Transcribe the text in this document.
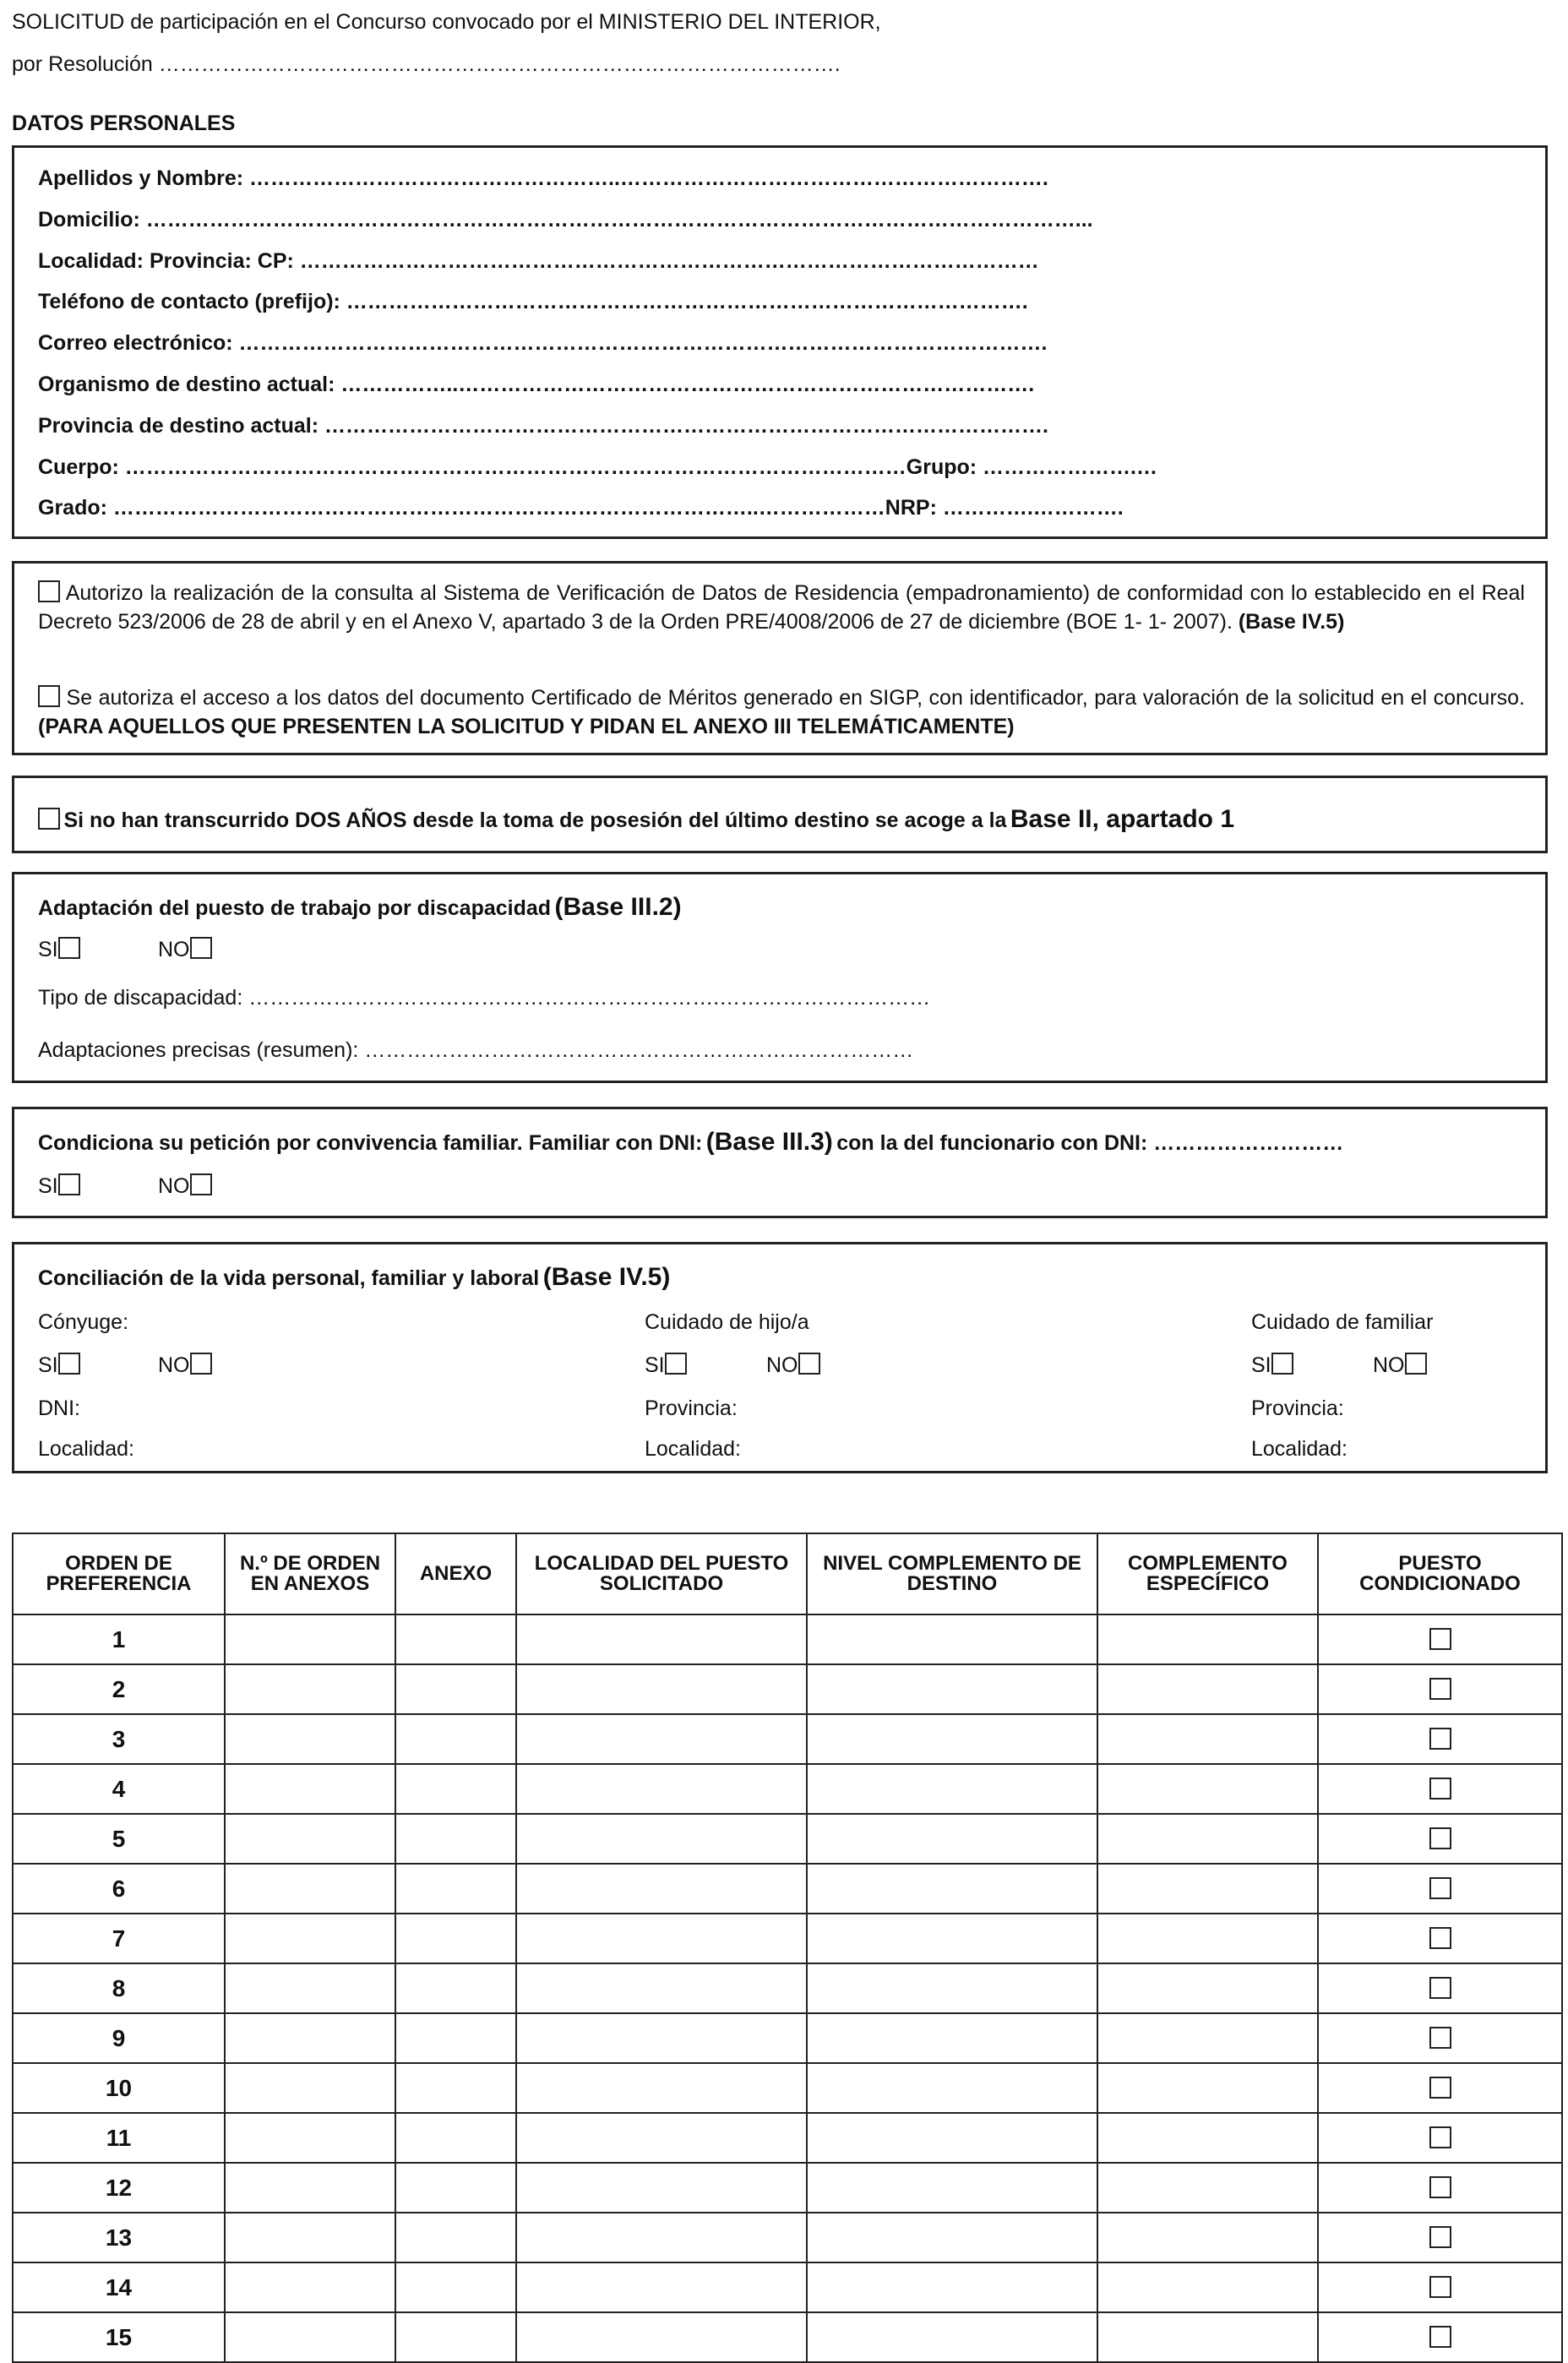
SOLICITUD de participación en el Concurso convocado por el MINISTERIO DEL INTERIOR,
por Resolución …………………………………………………………………………………….
DATOS PERSONALES
Apellidos y Nombre: ……………………………………………..…………………………………………………….
Domicilio: ……………………………………………………………………………………………………………………...
Localidad: Provincia: CP: ……………………………………………………………………………………………
Teléfono de contacto (prefijo): …………………………………………………………………………………….
Correo electrónico: …………………………………………………………………………………………………….
Organismo de destino actual: ……………..……………………………………………………………………….
Provincia de destino actual: ………………………………………………………………………………………….
Cuerpo: …………………………………………………………………………………………………Grupo: ………………….…
Grado: ………………………………………………………………………………..………………NRP: ………….………….
Autorizo la realización de la consulta al Sistema de Verificación de Datos de Residencia (empadronamiento) de conformidad con lo establecido en el Real Decreto 523/2006 de 28 de abril y en el Anexo V, apartado 3 de la Orden PRE/4008/2006 de 27 de diciembre (BOE 1- 1- 2007). (Base IV.5)
Se autoriza el acceso a los datos del documento Certificado de Méritos generado en SIGP, con identificador, para valoración de la solicitud en el concurso. (PARA AQUELLOS QUE PRESENTEN LA SOLICITUD Y PIDAN EL ANEXO III TELEMÁTICAMENTE)
Si no han transcurrido DOS AÑOS desde la toma de posesión del último destino se acoge a la Base II, apartado 1
Adaptación del puesto de trabajo por discapacidad (Base III.2)
SI	NO
Tipo de discapacidad: ………………………………………………………….…………………………
Adaptaciones precisas (resumen): ……………………………………………………………………
Condiciona su petición por convivencia familiar. Familiar con DNI: (Base III.3) con la del funcionario con DNI: ………………………
SI	NO
Conciliación de la vida personal, familiar y laboral (Base IV.5)
Cónyuge:
SI	NO
DNI:
Localidad:
Cuidado de hijo/a
SI	NO
Provincia:
Localidad:
Cuidado de familiar
SI	NO
Provincia:
Localidad:
ORDEN DE PREFERENCIA	N.º DE ORDEN EN ANEXOS	ANEXO	LOCALIDAD DEL PUESTO SOLICITADO	NIVEL COMPLEMENTO DE DESTINO	COMPLEMENTO ESPECÍFICO	PUESTO CONDICIONADO
1						
2						
3						
4						
5						
6						
7						
8						
9						
10						
11						
12						
13						
14						
15						
